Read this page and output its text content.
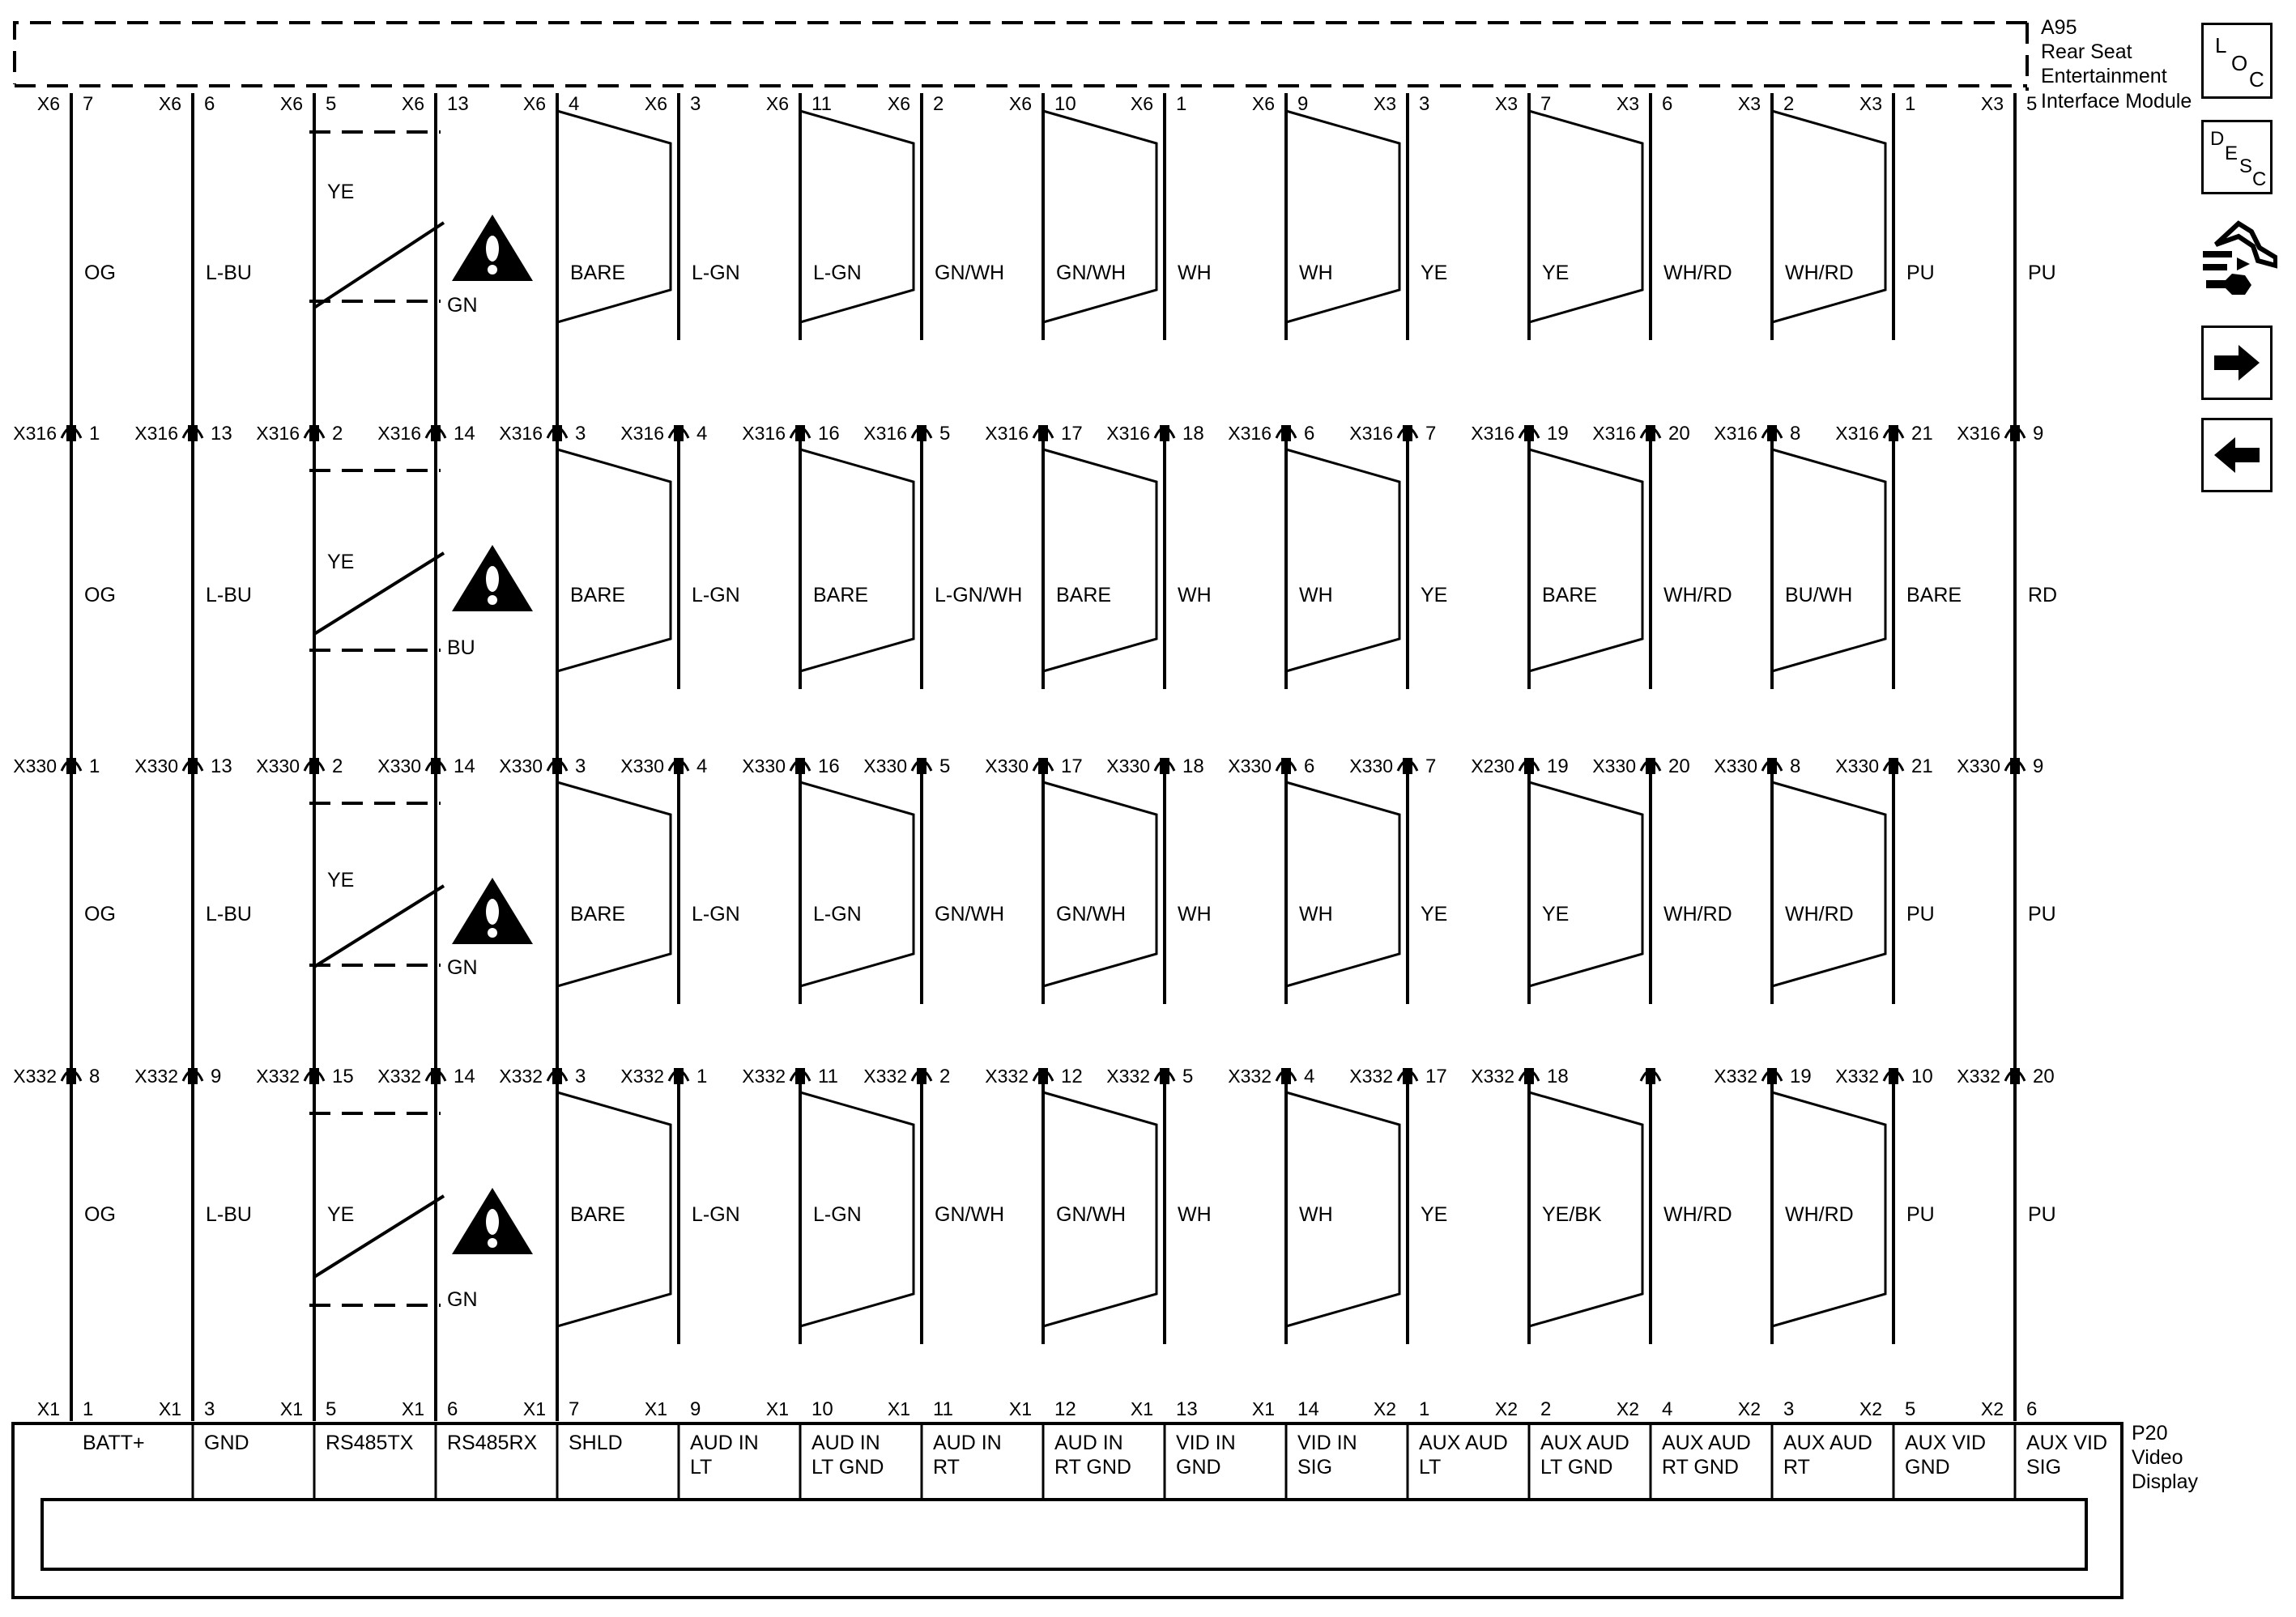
A95
Rear Seat
Entertainment
Interface Module
P20
Video
Display
OG
OG
OG
OG
L-BU
L-BU
L-BU
L-BU
YE
YE
YE
YE
GN
BU
GN
GN
BARE
BARE
BARE
BARE
L-GN
L-GN
L-GN
L-GN
L-GN
BARE
L-GN
L-GN
GN/WH
L-GN/WH
GN/WH
GN/WH
GN/WH
BARE
GN/WH
GN/WH
WH
WH
WH
WH
WH
WH
WH
WH
YE
YE
YE
YE
YE
BARE
YE
YE/BK
WH/RD
WH/RD
WH/RD
WH/RD
WH/RD
BU/WH
WH/RD
WH/RD
PU
BARE
PU
PU
PU
RD
PU
PU
X316 1 X316 13 X316 2 X316 14 X316 3 X316 4 X316 16 X316 5 X316 17 X316 18 X316 6 X316 7 X316 19 X316 20 X316 8 X316 21 X316 9
X330 1 X330 13 X330 2 X330 14 X330 3 X330 4 X330 16 X330 5 X330 17 X330 18 X330 6 X330 7 X230 19 X330 20 X330 8 X330 21 X330 9
X332 8 X332 9 X332 15 X332 14 X332 3 X332 1 X332 11 X332 2 X332 12 X332 5 X332 4 X332 17 X332 18	X332 19 X332 10 X332 20
X6 7
X1 1
BATT+
X6 6
X1 3
GND
X6 5
X1 5
RS485TX
X6 13
X1 6
RS485RX
X6 4
X1 7
SHLD
X6 3
X1 9
AUD IN
LT
X6 11
X1 10
AUD IN
LT GND
X6 2
X1 11
AUD IN
RT
X6 10
X1 12
AUD IN
RT GND
X6 1
X1 13
VID IN
GND
X6 9
X1 14
VID IN
SIG
X3 3
X2 1
AUX AUD
LT
X3 7
X2 2
AUX AUD
LT GND
X3 6
X2 4
AUX AUD
RT GND
X3 2
X2 3
AUX AUD
RT
X3 1
X2 5
AUX VID
GND
X3 5
X2 6
AUX VID
SIG
L
O
C
D
E
S
C
